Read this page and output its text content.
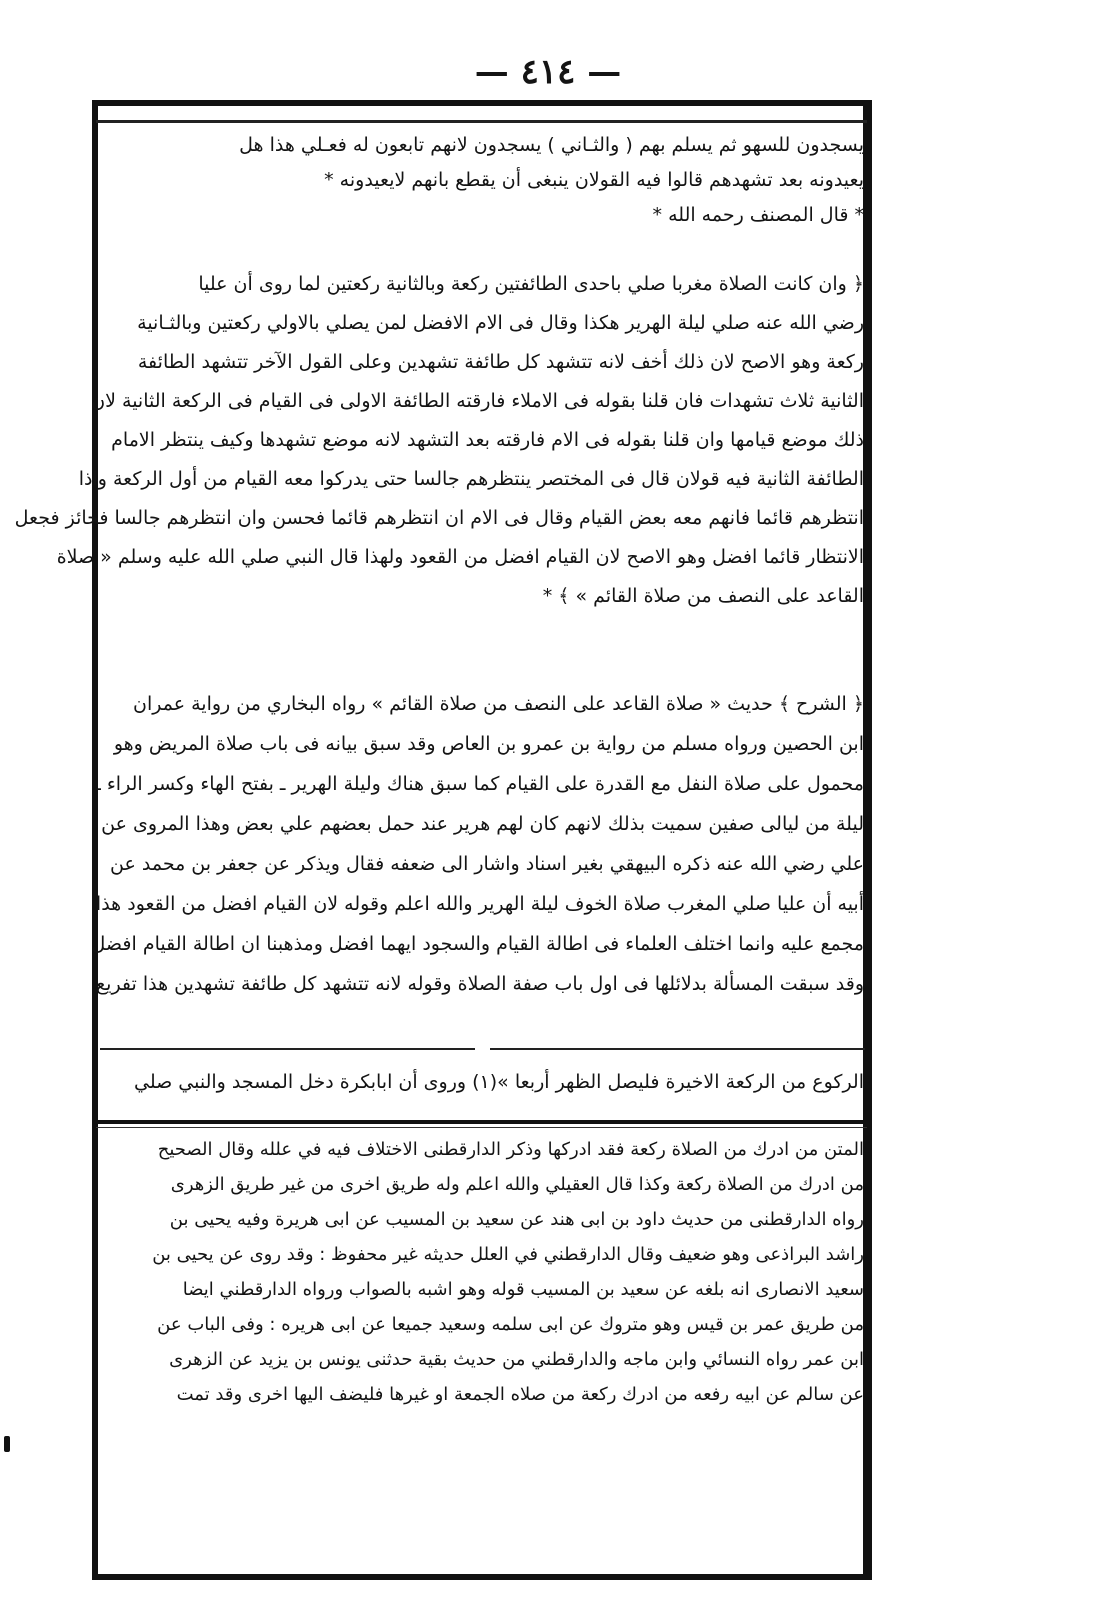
— ٤١٤ —
يسجدون للسهو ثم يسلم بهم ( والثـاني ) يسجدون لانهم تابعون له فعـلي هذا هل
يعيدونه بعد تشهدهم قالوا فيه القولان ينبغى أن يقطع بانهم لايعيدونه *
* قال المصنف رحمه الله *
﴿ وان كانت الصلاة مغربا صلي باحدى الطائفتين ركعة وبالثانية ركعتين لما روى أن عليا
رضي الله عنه صلي ليلة الهرير هكذا وقال فى الام الافضل لمن يصلي بالاولي ركعتين وبالثـانية
ركعة وهو الاصح لان ذلك أخف لانه تتشهد كل طائفة تشهدين وعلى القول الآخر تتشهد الطائفة
الثانية ثلاث تشهدات فان قلنا بقوله فى الاملاء فارقته الطائفة الاولى فى القيام فى الركعة الثانية لان
ذلك موضع قيامها وان قلنا بقوله فى الام فارقته بعد التشهد لانه موضع تشهدها وكيف ينتظر الامام
الطائفة الثانية فيه قولان قال فى المختصر ينتظرهم جالسا حتى يدركوا معه القيام من أول الركعة واذا
انتظرهم قائما فانهم معه بعض القيام وقال فى الام ان انتظرهم قائما فحسن وان انتظرهم جالسا فجائز فجعل
الانتظار قائما افضل وهو الاصح لان القيام افضل من القعود ولهذا قال النبي صلي الله عليه وسلم « صلاة
القاعد على النصف من صلاة القائم » ﴾ *
﴿ الشرح ﴾ حديث « صلاة القاعد على النصف من صلاة القائم » رواه البخاري من رواية عمران
ابن الحصين ورواه مسلم من رواية بن عمرو بن العاص وقد سبق بيانه فى باب صلاة المريض وهو
محمول على صلاة النفل مع القدرة على القيام كما سبق هناك وليلة الهرير ـ بفتح الهاء وكسر الراء ـ
ليلة من ليالى صفين سميت بذلك لانهم كان لهم هرير عند حمل بعضهم علي بعض وهذا المروى عن
علي رضي الله عنه ذكره البيهقي بغير اسناد واشار الى ضعفه فقال ويذكر عن جعفر بن محمد عن
أبيه أن عليا صلي المغرب صلاة الخوف ليلة الهرير والله اعلم وقوله لان القيام افضل من القعود هذا
مجمع عليه وانما اختلف العلماء فى اطالة القيام والسجود ايهما افضل ومذهبنا ان اطالة القيام افضل
وقد سبقت المسألة بدلائلها فى اول باب صفة الصلاة وقوله لانه تتشهد كل طائفة تشهدين هذا تفريع
الركوع من الركعة الاخيرة فليصل الظهر أربعا »(١) وروى أن ابابكرة دخل المسجد والنبي صلي
المتن من ادرك من الصلاة ركعة فقد ادركها وذكر الدارقطنى الاختلاف فيه في علله وقال الصحيح
من ادرك من الصلاة ركعة وكذا قال العقيلي والله اعلم وله طريق اخرى من غير طريق الزهرى
رواه الدارقطنى من حديث داود بن ابى هند عن سعيد بن المسيب عن ابى هريرة وفيه يحيى بن
راشد البراذعى وهو ضعيف وقال الدارقطني في العلل حديثه غير محفوظ : وقد روى عن يحيى بن
سعيد الانصارى انه بلغه عن سعيد بن المسيب قوله وهو اشبه بالصواب ورواه الدارقطني ايضا
من طريق عمر بن قيس وهو متروك عن ابى سلمه وسعيد جميعا عن ابى هريره : وفى الباب عن
ابن عمر رواه النسائي وابن ماجه والدارقطني من حديث بقية حدثنى يونس بن يزيد عن الزهرى
عن سالم عن ابيه رفعه من ادرك ركعة من صلاه الجمعة او غيرها فليضف اليها اخرى وقد تمت
